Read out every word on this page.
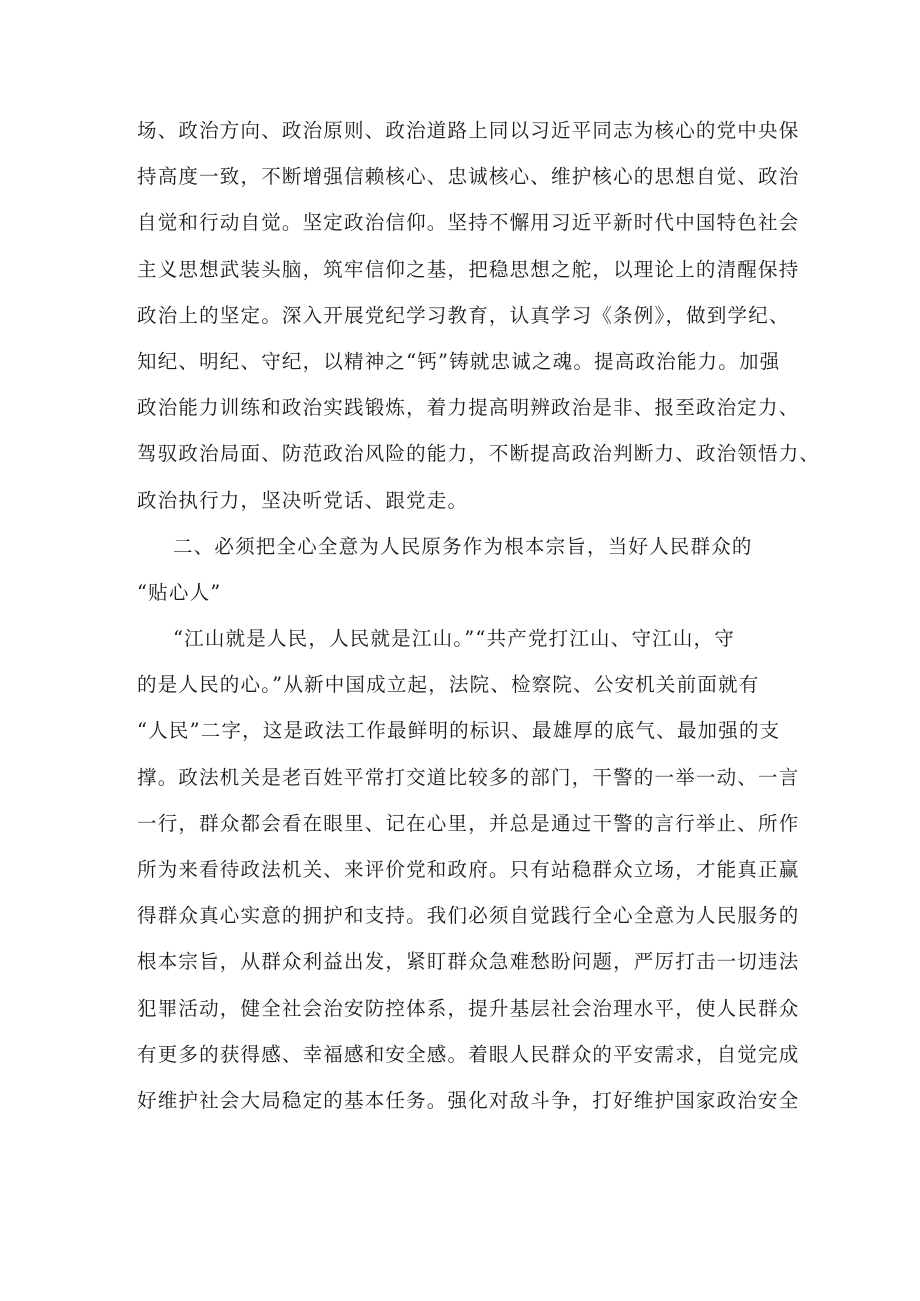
场、政治方向、政治原则、政治道路上同以习近平同志为核心的党中央保
持高度一致，不断增强信赖核心、忠诚核心、维护核心的思想自觉、政治
自觉和行动自觉。坚定政治信仰。坚持不懈用习近平新时代中国特色社会
主义思想武装头脑，筑牢信仰之基，把稳思想之舵，以理论上的清醒保持
政治上的坚定。深入开展党纪学习教育，认真学习《条例》，做到学纪、
知纪、明纪、守纪，以精神之“钙”铸就忠诚之魂。提高政治能力。加强
政治能力训练和政治实践锻炼，着力提高明辨政治是非、报至政治定力、
驾驭政治局面、防范政治风险的能力，不断提高政治判断力、政治领悟力、
政治执行力，坚决听党话、跟党走。
二、必须把全心全意为人民原务作为根本宗旨，当好人民群众的
“贴心人”
“江山就是人民，人民就是江山。”“共产党打江山、守江山，守
的是人民的心。”从新中国成立起，法院、检察院、公安机关前面就有
“人民”二字，这是政法工作最鲜明的标识、最雄厚的底气、最加强的支
撑。政法机关是老百姓平常打交道比较多的部门，干警的一举一动、一言
一行，群众都会看在眼里、记在心里，并总是通过干警的言行举止、所作
所为来看待政法机关、来评价党和政府。只有站稳群众立场，才能真正赢
得群众真心实意的拥护和支持。我们必须自觉践行全心全意为人民服务的
根本宗旨，从群众利益出发，紧盯群众急难愁盼问题，严厉打击一切违法
犯罪活动，健全社会治安防控体系，提升基层社会治理水平，使人民群众
有更多的获得感、幸福感和安全感。着眼人民群众的平安需求，自觉完成
好维护社会大局稳定的基本任务。强化对敌斗争，打好维护国家政治安全
